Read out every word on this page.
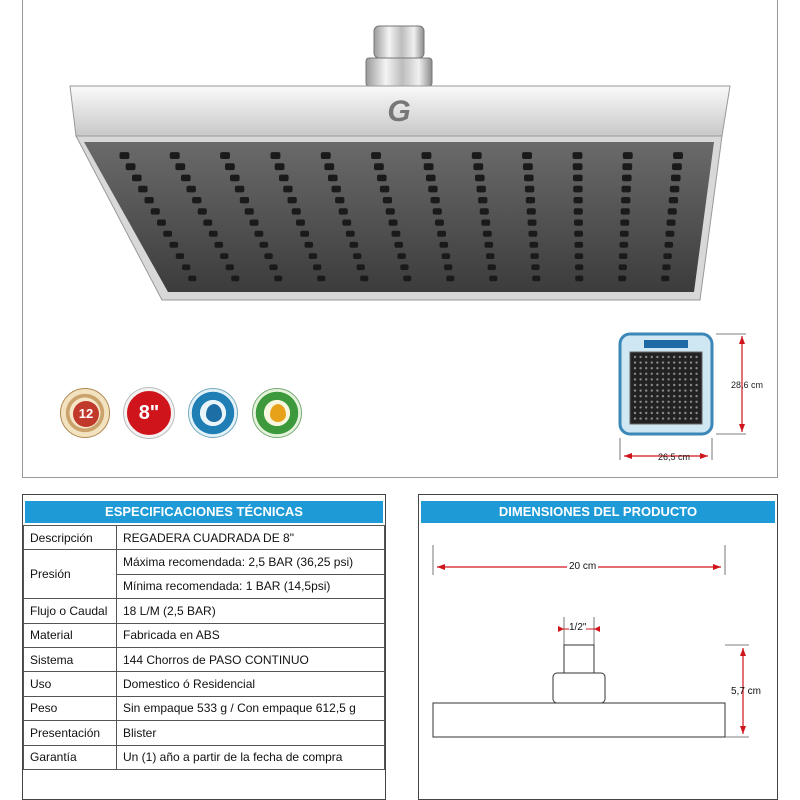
G
12	8"
28,6 cm
26,5 cm
ESPECIFICACIONES TÉCNICAS
Descripción	REGADERA CUADRADA DE 8"
Presión	Máxima recomendada: 2,5 BAR (36,25 psi)
	Mínima recomendada: 1 BAR (14,5psi)
Flujo o Caudal	18 L/M (2,5 BAR)
Material	Fabricada en ABS
Sistema	144 Chorros de PASO CONTINUO
Uso	Domestico ó Residencial
Peso	Sin empaque 533 g / Con empaque 612,5 g
Presentación	Blister
Garantía	Un (1) año a partir de la fecha de compra
DIMENSIONES DEL PRODUCTO
20 cm
1/2"
5,7 cm
